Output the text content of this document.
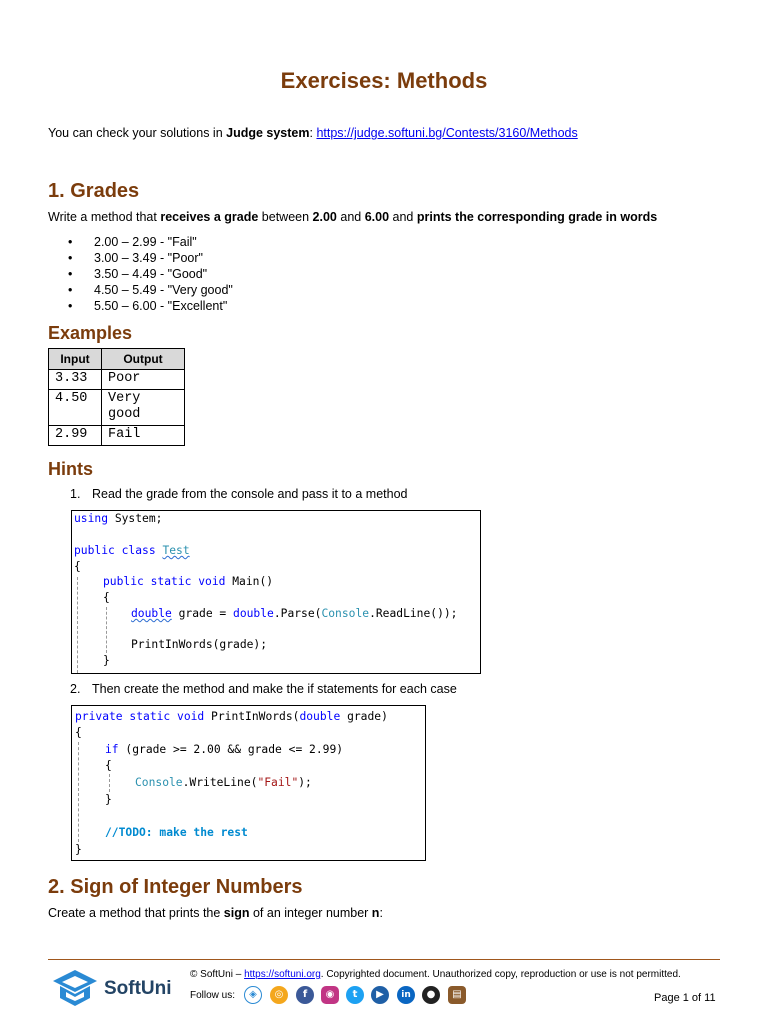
Exercises: Methods
You can check your solutions in Judge system: https://judge.softuni.bg/Contests/3160/Methods
1. Grades
Write a method that receives a grade between 2.00 and 6.00 and prints the corresponding grade in words
• 2.00 – 2.99 - "Fail"
• 3.00 – 3.49 - "Poor"
• 3.50 – 4.49 - "Good"
• 4.50 – 5.49 - "Very good"
• 5.50 – 6.00 - "Excellent"
Examples
Input	Output
3.33	Poor
4.50	Very good
2.99	Fail
Hints
1. Read the grade from the console and pass it to a method
using System;
public class Test
{
public static void Main()
{
double grade = double.Parse(Console.ReadLine());
PrintInWords(grade);
}
2. Then create the method and make the if statements for each case
private static void PrintInWords(double grade)
{
if (grade >= 2.00 && grade <= 2.99)
{
Console.WriteLine("Fail");
}
//TODO: make the rest
}
2. Sign of Integer Numbers
Create a method that prints the sign of an integer number n:
SoftUni
© SoftUni – https://softuni.org. Copyrighted document. Unauthorized copy, reproduction or use is not permitted.
Follow us:	◈	◎	f	◉	t	▶	in	●	▤	Page 1 of 11
